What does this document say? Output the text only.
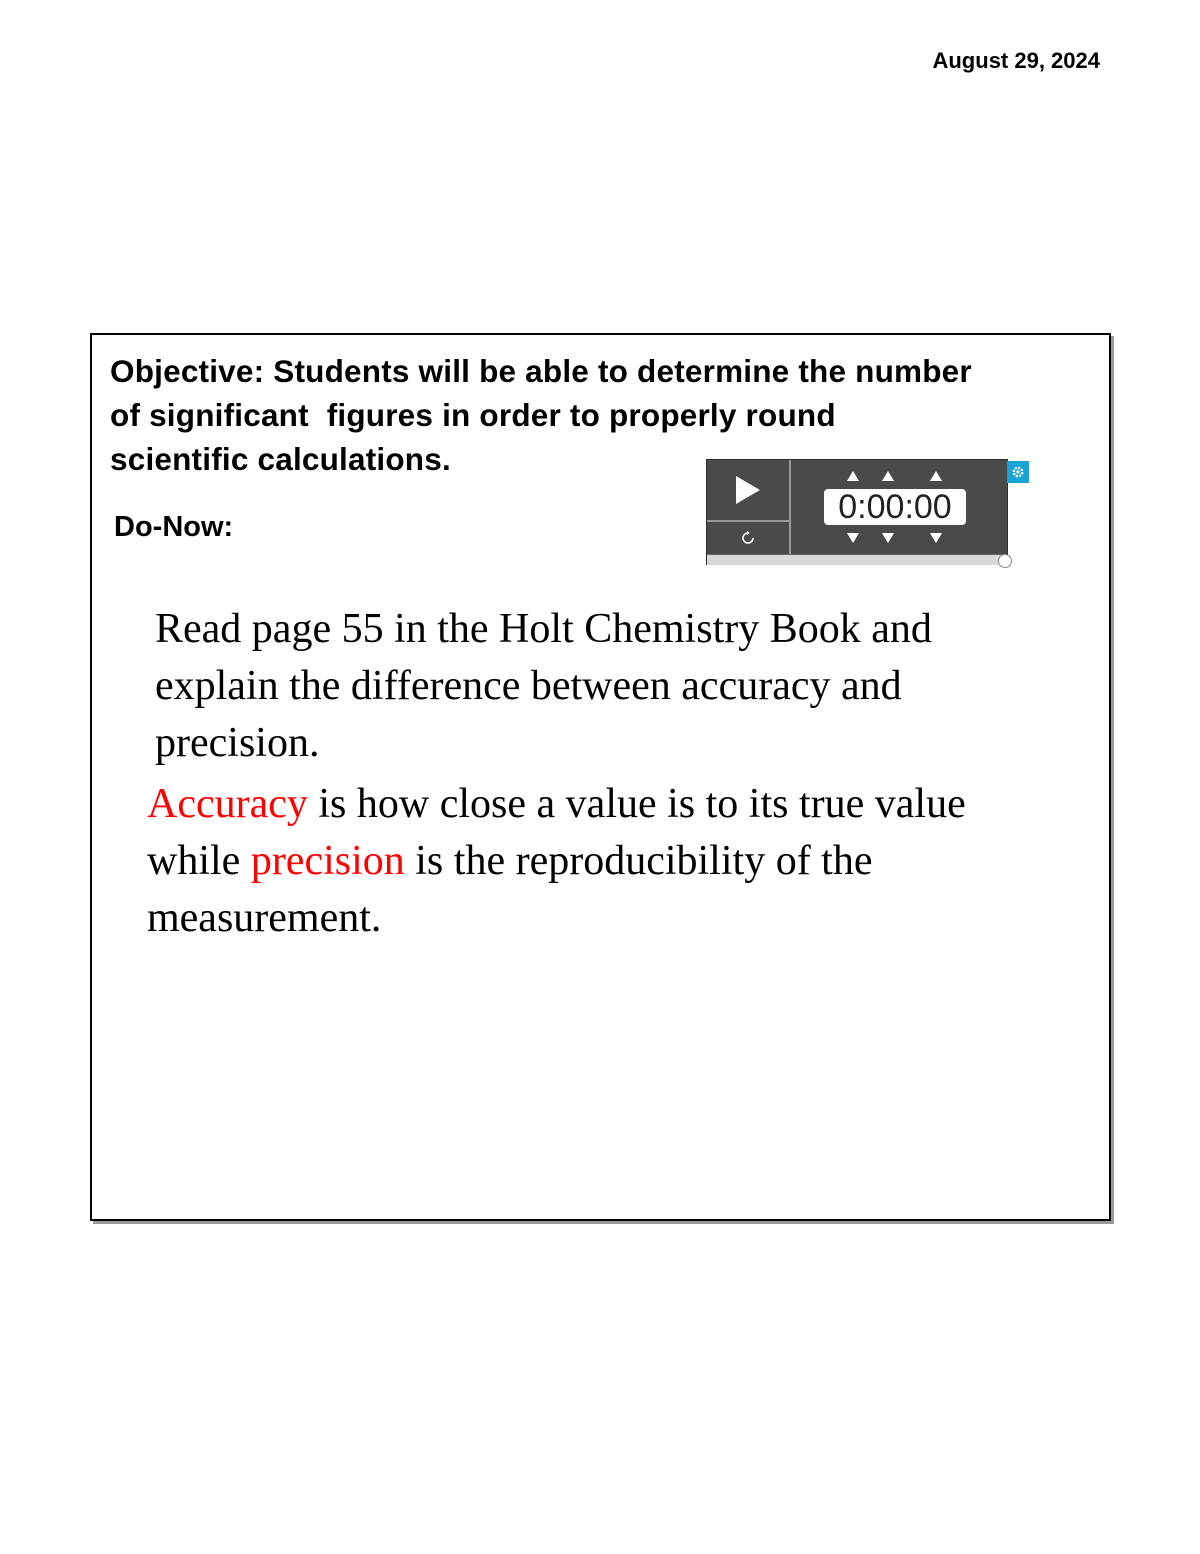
August 29, 2024
Objective: Students will be able to determine the number
of significant  figures in order to properly round
scientific calculations.
Do-Now:
Read page 55 in the Holt Chemistry Book and explain the difference between accuracy and precision.
Accuracy is how close a value is to its true value while precision is the reproducibility of the measurement.
0:00:00
